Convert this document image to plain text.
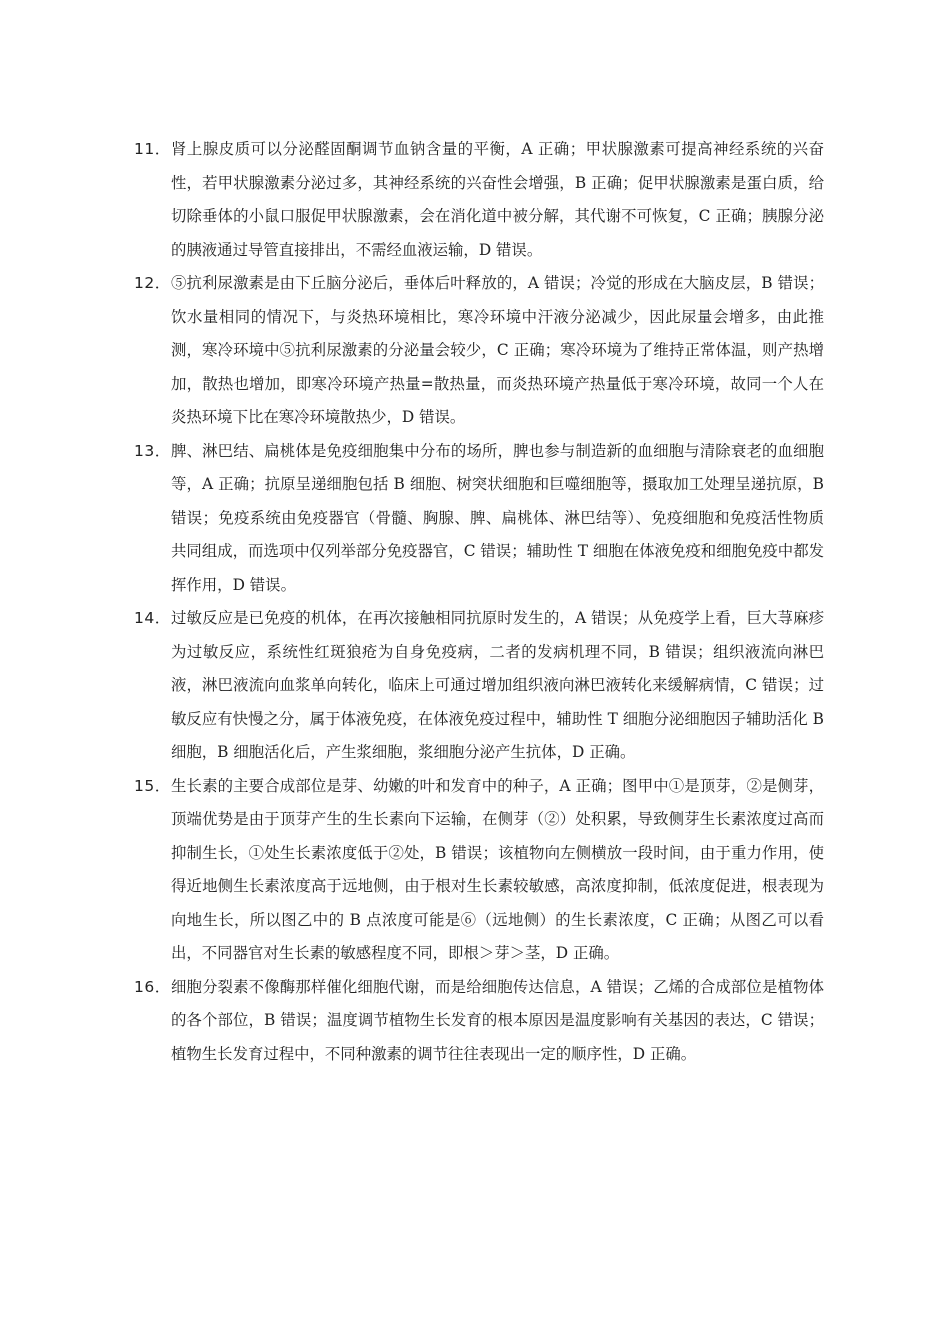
11． 肾上腺皮质可以分泌醛固酮调节血钠含量的平衡，A 正确；甲状腺激素可提高神经系统的兴奋性，若甲状腺激素分泌过多，其神经系统的兴奋性会增强，B 正确；促甲状腺激素是蛋白质，给切除垂体的小鼠口服促甲状腺激素，会在消化道中被分解，其代谢不可恢复，C 正确；胰腺分泌的胰液通过导管直接排出，不需经血液运输，D 错误。

12． ⑤抗利尿激素是由下丘脑分泌后，垂体后叶释放的，A 错误；冷觉的形成在大脑皮层，B 错误；饮水量相同的情况下，与炎热环境相比，寒冷环境中汗液分泌减少，因此尿量会增多，由此推测，寒冷环境中⑤抗利尿激素的分泌量会较少，C 正确；寒冷环境为了维持正常体温，则产热增加，散热也增加，即寒冷环境产热量=散热量，而炎热环境产热量低于寒冷环境，故同一个人在炎热环境下比在寒冷环境散热少，D 错误。

13． 脾、淋巴结、扁桃体是免疫细胞集中分布的场所，脾也参与制造新的血细胞与清除衰老的血细胞等，A 正确；抗原呈递细胞包括 B 细胞、树突状细胞和巨噬细胞等，摄取加工处理呈递抗原，B 错误；免疫系统由免疫器官（骨髓、胸腺、脾、扁桃体、淋巴结等）、免疫细胞和免疫活性物质共同组成，而选项中仅列举部分免疫器官，C 错误；辅助性 T 细胞在体液免疫和细胞免疫中都发挥作用，D 错误。

14． 过敏反应是已免疫的机体，在再次接触相同抗原时发生的，A 错误；从免疫学上看，巨大荨麻疹为过敏反应，系统性红斑狼疮为自身免疫病，二者的发病机理不同，B 错误；组织液流向淋巴液，淋巴液流向血浆单向转化，临床上可通过增加组织液向淋巴液转化来缓解病情，C 错误；过敏反应有快慢之分，属于体液免疫，在体液免疫过程中，辅助性 T 细胞分泌细胞因子辅助活化 B 细胞，B 细胞活化后，产生浆细胞，浆细胞分泌产生抗体，D 正确。

15． 生长素的主要合成部位是芽、幼嫩的叶和发育中的种子，A 正确；图甲中①是顶芽，②是侧芽，顶端优势是由于顶芽产生的生长素向下运输，在侧芽（②）处积累，导致侧芽生长素浓度过高而抑制生长，①处生长素浓度低于②处，B 错误；该植物向左侧横放一段时间，由于重力作用，使得近地侧生长素浓度高于远地侧，由于根对生长素较敏感，高浓度抑制，低浓度促进，根表现为向地生长，所以图乙中的 B 点浓度可能是⑥（远地侧）的生长素浓度，C 正确；从图乙可以看出，不同器官对生长素的敏感程度不同，即根＞芽＞茎，D 正确。

16． 细胞分裂素不像酶那样催化细胞代谢，而是给细胞传达信息，A 错误；乙烯的合成部位是植物体的各个部位，B 错误；温度调节植物生长发育的根本原因是温度影响有关基因的表达，C 错误；植物生长发育过程中，不同种激素的调节往往表现出一定的顺序性，D 正确。
